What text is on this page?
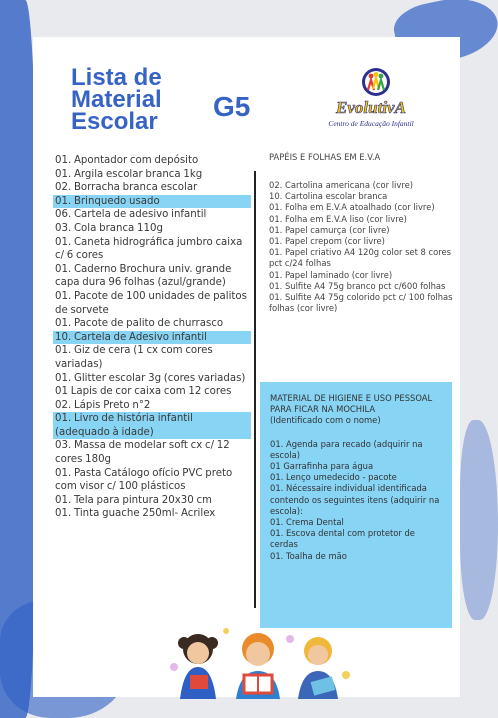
Lista de
Material
Escolar G5	EvolutivA
Centro de Educação Infantil
01. Apontador com depósito
01. Argila escolar branca 1kg
02. Borracha branca escolar
01. Brinquedo usado
06. Cartela de adesivo infantil
03. Cola branca 110g
01. Caneta hidrográfica jumbro caixa c/ 6 cores
01. Caderno Brochura univ. grande capa dura 96 folhas (azul/grande)
01. Pacote de 100 unidades de palitos de sorvete
01. Pacote de palito de churrasco
10. Cartela de Adesivo infantil
01. Giz de cera (1 cx com cores variadas)
01. Glitter escolar 3g (cores variadas)
01 Lapis de cor caixa com 12 cores
02. Lápis Preto n°2
01. Livro de história infantil (adequado à idade)
03. Massa de modelar soft cx c/ 12 cores 180g
01. Pasta Catálogo ofício PVC preto com visor c/ 100 plásticos
01. Tela para pintura 20x30 cm
01. Tinta guache 250ml- Acrilex

PAPÉIS E FOLHAS EM E.V.A

02. Cartolina americana (cor livre)
10. Cartolina escolar branca
01. Folha em E.V.A atoalhado (cor livre)
01. Folha em E.V.A liso (cor livre)
01. Papel camurça (cor livre)
01. Papel crepom (cor livre)
01. Papel criativo A4 120g color set 8 cores pct c/24 folhas
01. Papel laminado (cor livre)
01. Sulfite A4 75g branco pct c/600 folhas
01. Sulfite A4 75g colorido pct c/ 100 folhas folhas (cor livre)

MATERIAL DE HIGIENE E USO PESSOAL PARA FICAR NA MOCHILA

(Identificado com o nome)

01. Agenda para recado (adquirir na escola)
01 Garrafinha para água
01. Lenço umedecido - pacote
01. Nécessaire individual identificada contendo os seguintes itens (adquirir na escola):
01. Crema Dental
01. Escova dental com protetor de cerdas
01. Toalha de mão
